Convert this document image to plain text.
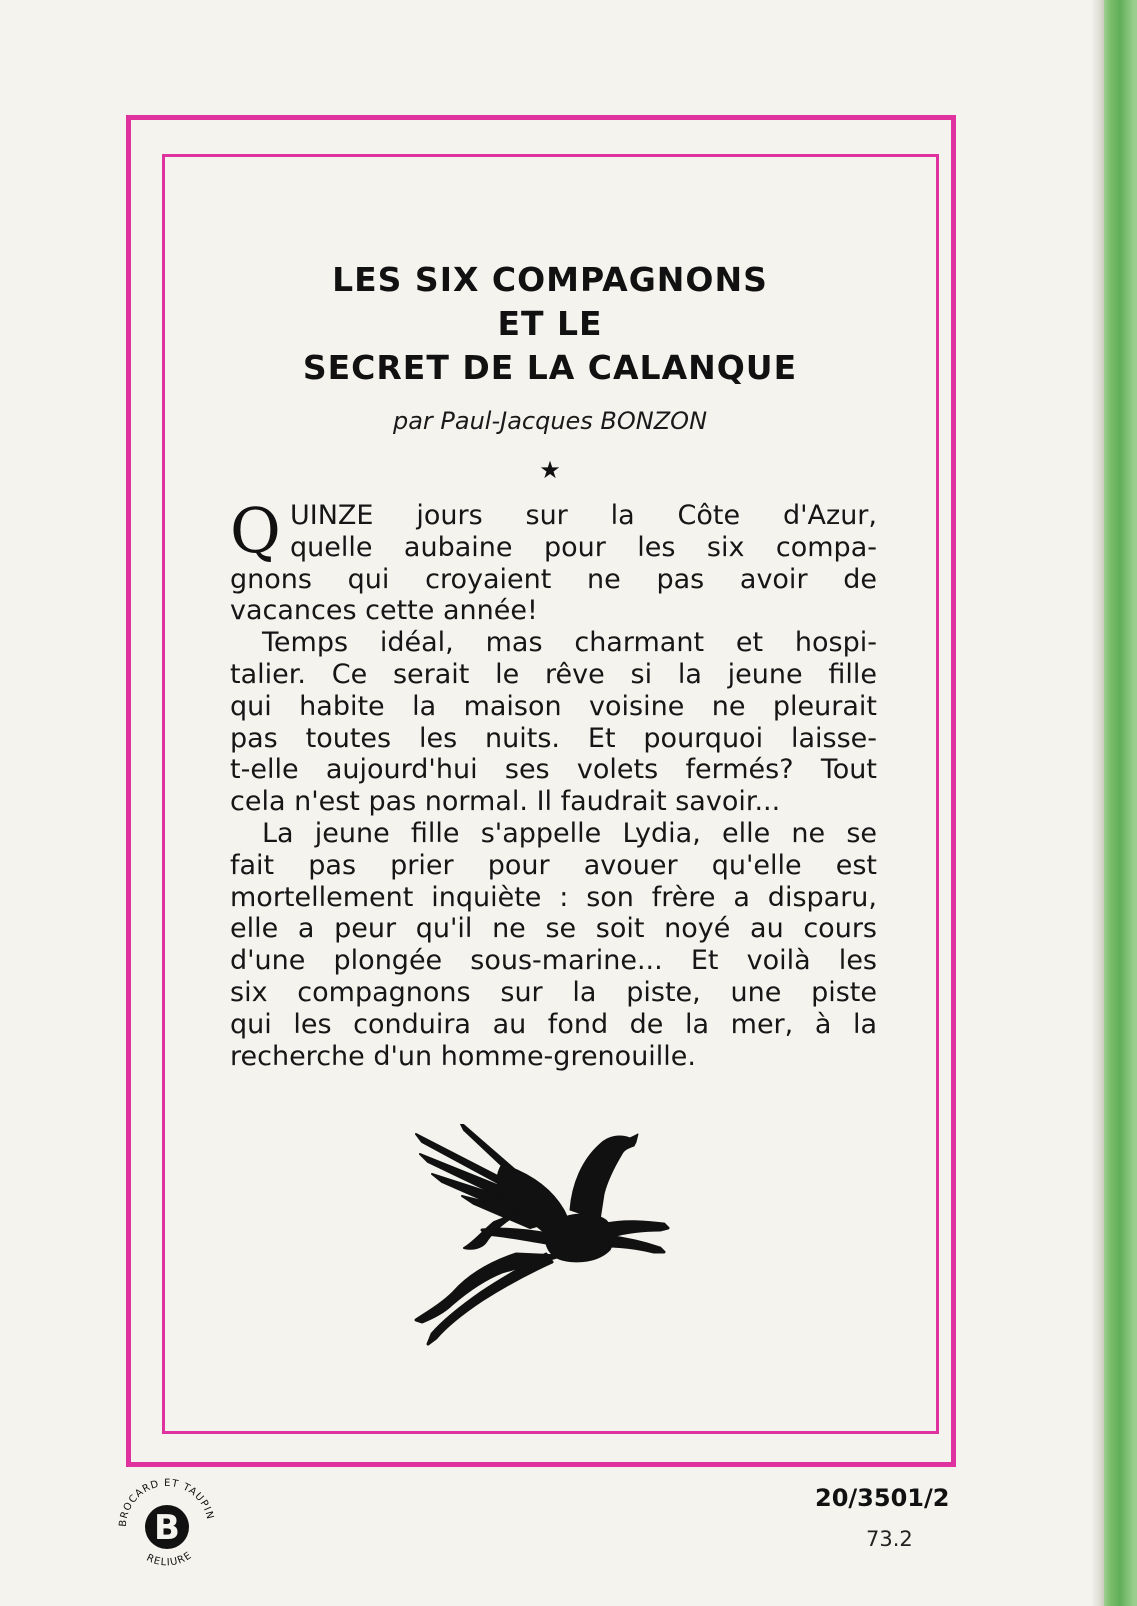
LES SIX COMPAGNONS
ET LE
SECRET DE LA CALANQUE
par Paul-Jacques BONZON
★
Q UINZE jours sur la Côte d'Azur,
quelle aubaine pour les six compa-
gnons qui croyaient ne pas avoir de
vacances cette année!
Temps idéal, mas charmant et hospi-
talier. Ce serait le rêve si la jeune fille
qui habite la maison voisine ne pleurait
pas toutes les nuits. Et pourquoi laisse-
t-elle aujourd'hui ses volets fermés? Tout
cela n'est pas normal. Il faudrait savoir...
La jeune fille s'appelle Lydia, elle ne se
fait pas prier pour avouer qu'elle est
mortellement inquiète : son frère a disparu,
elle a peur qu'il ne se soit noyé au cours
d'une plongée sous-marine... Et voilà les
six compagnons sur la piste, une piste
qui les conduira au fond de la mer, à la
recherche d'un homme-grenouille.
B
BROCARD ET TAUPIN
RELIURE
20/3501/2
73.2
